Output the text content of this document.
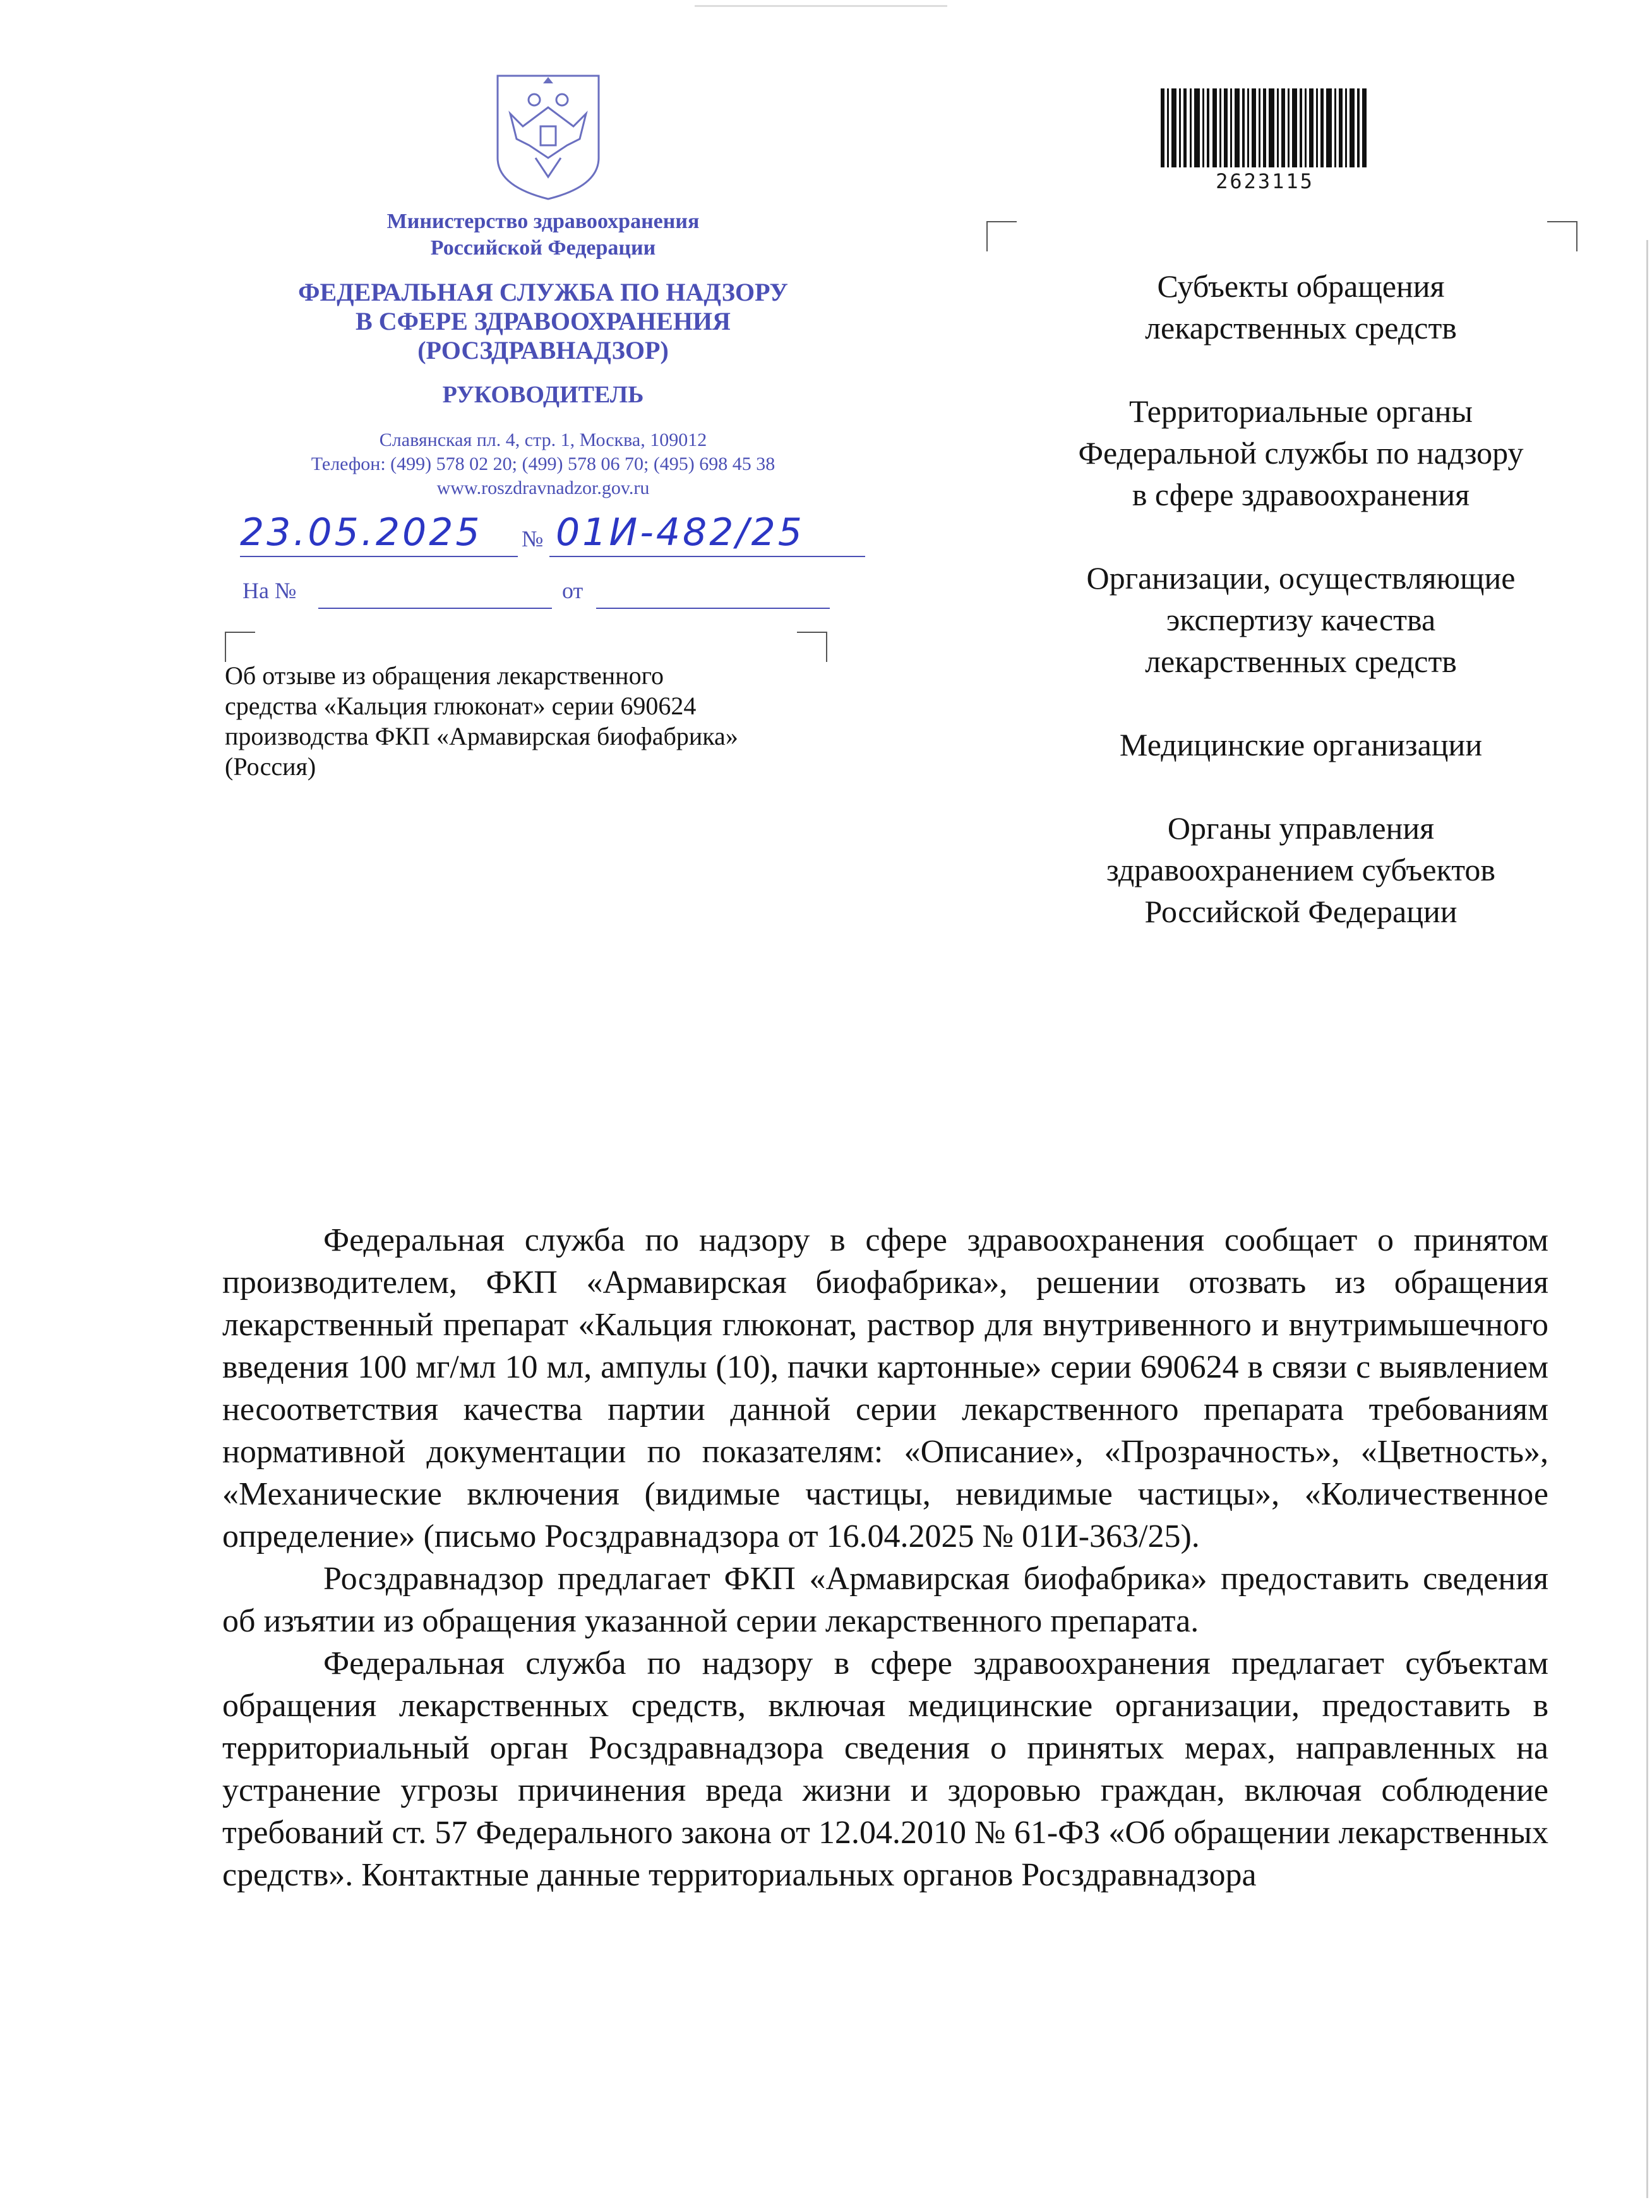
Министерство здравоохранения
Российской Федерации
ФЕДЕРАЛЬНАЯ СЛУЖБА ПО НАДЗОРУ
В СФЕРЕ ЗДРАВООХРАНЕНИЯ
(РОСЗДРАВНАДЗОР)
РУКОВОДИТЕЛЬ
Славянская пл. 4, стр. 1, Москва, 109012
Телефон: (499) 578 02 20; (499) 578 06 70; (495) 698 45 38
www.roszdravnadzor.gov.ru
23.05.2025	№ 01И-482/25
На №	от
Об отзыве из обращения лекарственного
средства «Кальция глюконат» серии 690624
производства ФКП «Армавирская биофабрика»
(Россия)
2623115
Субъекты обращения
лекарственных средств
Территориальные органы
Федеральной службы по надзору
в сфере здравоохранения
Организации, осуществляющие
экспертизу качества
лекарственных средств
Медицинские организации
Органы управления
здравоохранением субъектов
Российской Федерации

Федеральная служба по надзору в сфере здравоохранения сообщает о принятом производителем, ФКП «Армавирская биофабрика», решении отозвать из обращения лекарственный препарат «Кальция глюконат, раствор для внутривенного и внутримышечного введения 100 мг/мл 10 мл, ампулы (10), пачки картонные» серии 690624 в связи с выявлением несоответствия качества партии данной серии лекарственного препарата требованиям нормативной документации по показателям: «Описание», «Прозрачность», «Цветность», «Механические включения (видимые частицы, невидимые частицы», «Количественное определение» (письмо Росздравнадзора от 16.04.2025 № 01И-363/25).

Росздравнадзор предлагает ФКП «Армавирская биофабрика» предоставить сведения об изъятии из обращения указанной серии лекарственного препарата.

Федеральная служба по надзору в сфере здравоохранения предлагает субъектам обращения лекарственных средств, включая медицинские организации, предоставить в территориальный орган Росздравнадзора сведения о принятых мерах, направленных на устранение угрозы причинения вреда жизни и здоровью граждан, включая соблюдение требований ст. 57 Федерального закона от 12.04.2010 № 61-ФЗ «Об обращении лекарственных средств». Контактные данные территориальных органов Росздравнадзора
